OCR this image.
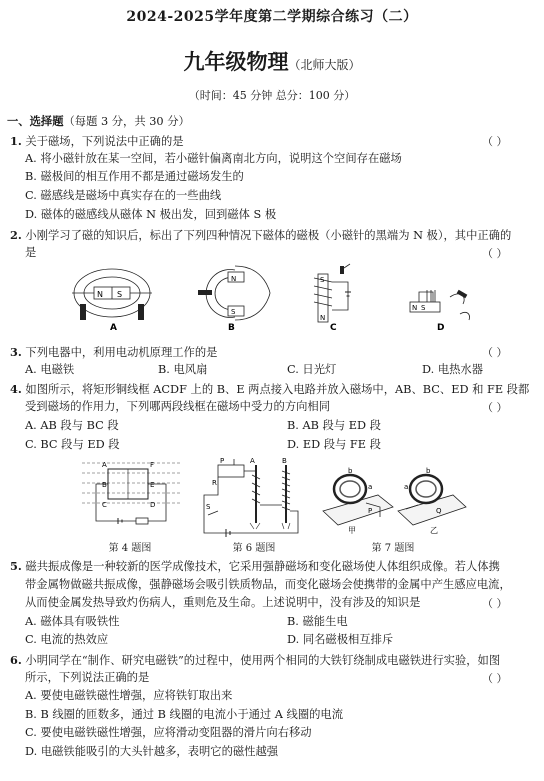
2024-2025学年度第二学期综合练习（二）
九年级物理（北师大版）
（时间：45 分钟 总分：100 分）
一、选择题（每题 3 分，共 30 分）
1. 关于磁场，下列说法中正确的是	（ ）
A. 将小磁针放在某一空间，若小磁针偏离南北方向，说明这个空间存在磁场
B. 磁极间的相互作用不都是通过磁场发生的
C. 磁感线是磁场中真实存在的一些曲线
D. 磁体的磁感线从磁体 N 极出发，回到磁体 S 极
2. 小刚学习了磁的知识后，标出了下列四种情况下磁体的磁极（小磁针的黑端为 N 极），其中正确的
是	（ ）
N S
A
N
S
B
S
N
C
N S
D
3. 下列电器中，利用电动机原理工作的是	（ ）
A. 电磁铁	B. 电风扇	C. 日光灯	D. 电热水器
4. 如图所示，将矩形铜线框 ACDF 上的 B、E 两点接入电路并放入磁场中，AB、BC、ED 和 FE 段都
受到磁场的作用力，下列哪两段线框在磁场中受力的方向相同	（ ）
A. AB 段与 BC 段	B. AB 段与 ED 段
C. BC 段与 ED 段	D. ED 段与 FE 段
A	F
B	E
C	D
第 4 题图
P
R
A	B
S
第 6 题图
b	b
a	a
P	Q
甲	乙
第 7 题图
5. 磁共振成像是一种较新的医学成像技术，它采用强静磁场和变化磁场使人体组织成像。若人体携
带金属物做磁共振成像，强静磁场会吸引铁质物品，而变化磁场会使携带的金属中产生感应电流，
从而使金属发热导致灼伤病人，重则危及生命。上述说明中，没有涉及的知识是	（ ）
A. 磁体具有吸铁性	B. 磁能生电
C. 电流的热效应	D. 同名磁极相互排斥
6. 小明同学在“制作、研究电磁铁”的过程中，使用两个相同的大铁钉绕制成电磁铁进行实验，如图
所示，下列说法正确的是	（ ）
A. 要使电磁铁磁性增强，应将铁钉取出来
B. B 线圈的匝数多，通过 B 线圈的电流小于通过 A 线圈的电流
C. 要使电磁铁磁性增强，应将滑动变阻器的滑片向右移动
D. 电磁铁能吸引的大头针越多，表明它的磁性越强
